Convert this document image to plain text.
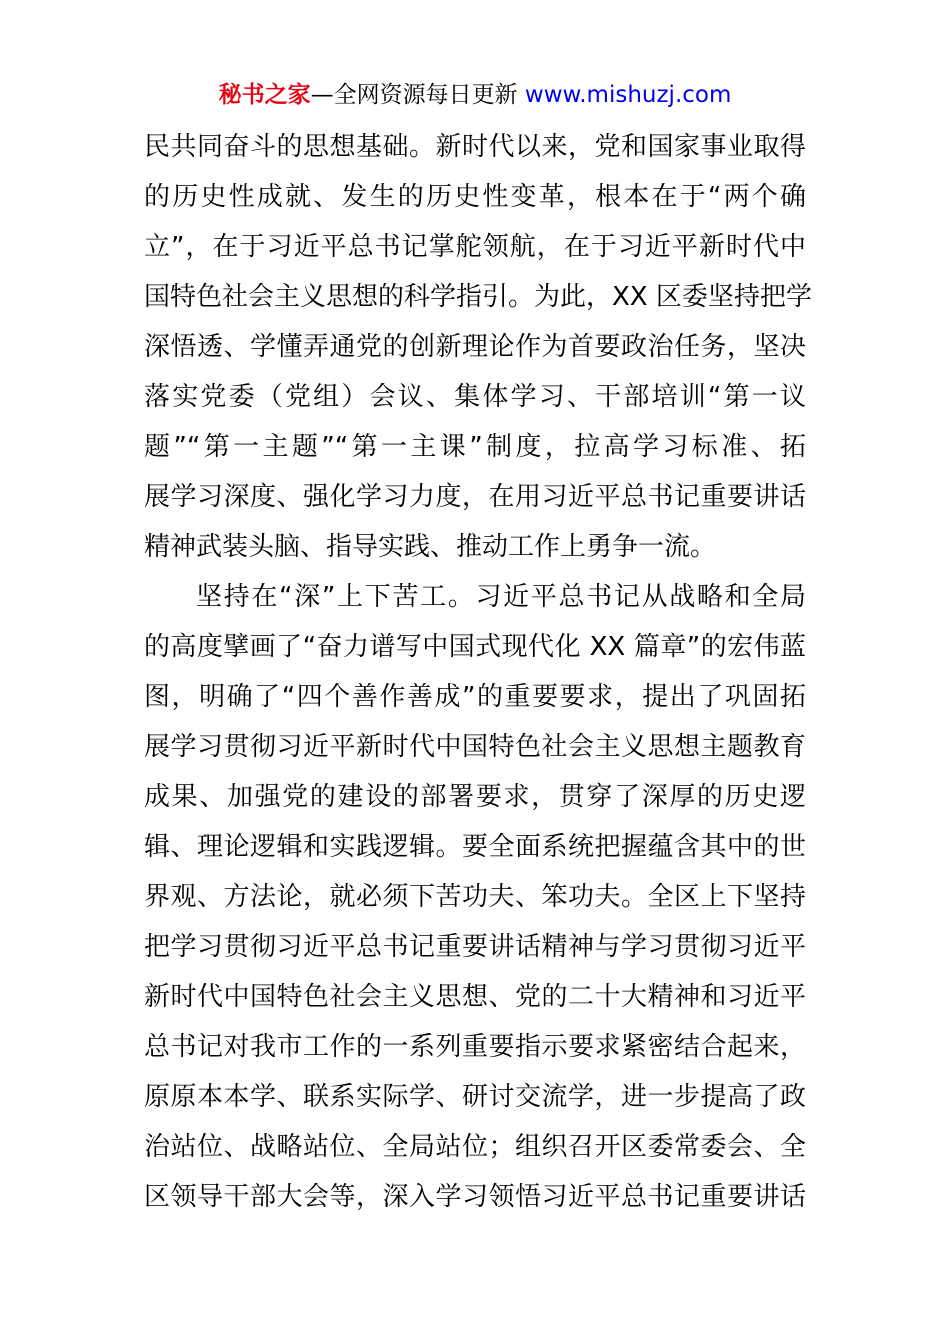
秘书之家—全网资源每日更新 www.mishuzj.com
民共同奋斗的思想基础。新时代以来，党和国家事业取得
的历史性成就、发生的历史性变革，根本在于“两个确
立”，在于习近平总书记掌舵领航，在于习近平新时代中
国特色社会主义思想的科学指引。为此，XX 区委坚持把学
深悟透、学懂弄通党的创新理论作为首要政治任务，坚决
落实党委（党组）会议、集体学习、干部培训“第一议
题”“第一主题”“第一主课”制度，拉高学习标准、拓
展学习深度、强化学习力度，在用习近平总书记重要讲话
精神武装头脑、指导实践、推动工作上勇争一流。
坚持在“深”上下苦工。习近平总书记从战略和全局
的高度擘画了“奋力谱写中国式现代化 XX 篇章”的宏伟蓝
图，明确了“四个善作善成”的重要要求，提出了巩固拓
展学习贯彻习近平新时代中国特色社会主义思想主题教育
成果、加强党的建设的部署要求，贯穿了深厚的历史逻
辑、理论逻辑和实践逻辑。要全面系统把握蕴含其中的世
界观、方法论，就必须下苦功夫、笨功夫。全区上下坚持
把学习贯彻习近平总书记重要讲话精神与学习贯彻习近平
新时代中国特色社会主义思想、党的二十大精神和习近平
总书记对我市工作的一系列重要指示要求紧密结合起来，
原原本本学、联系实际学、研讨交流学，进一步提高了政
治站位、战略站位、全局站位；组织召开区委常委会、全
区领导干部大会等，深入学习领悟习近平总书记重要讲话
